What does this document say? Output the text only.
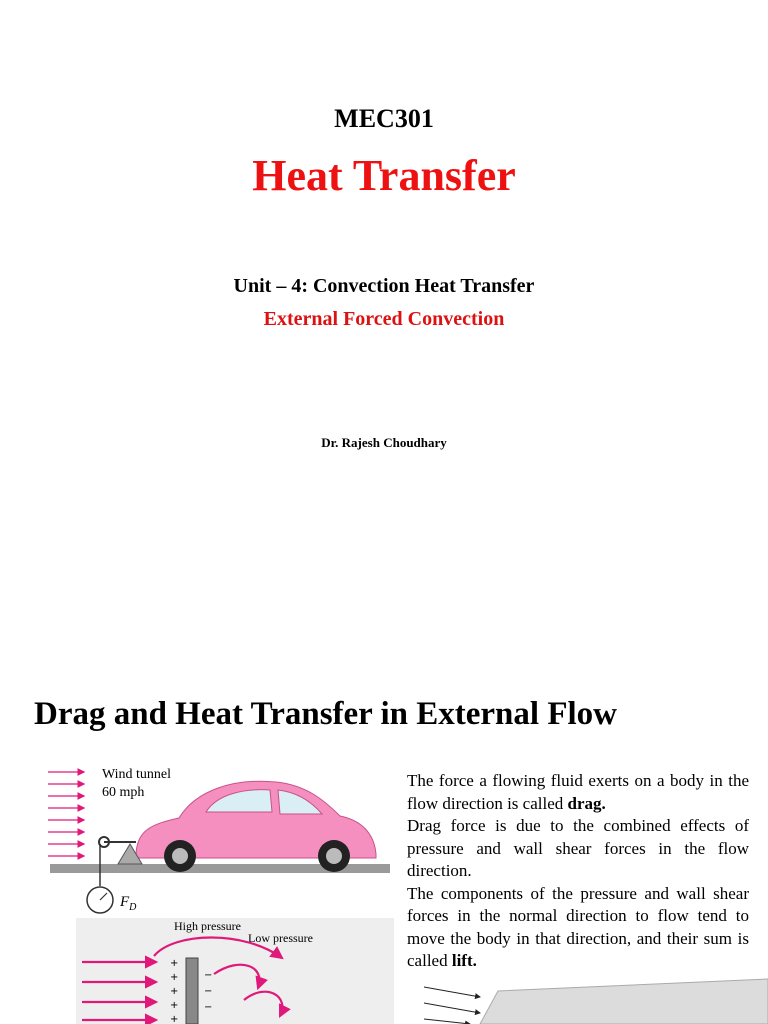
MEC301
Heat Transfer
Unit – 4: Convection Heat Transfer
External Forced Convection
Dr. Rajesh Choudhary
Drag and Heat Transfer in External Flow
Wind tunnel
60 mph
$F_D$
High pressure
Low pressure
+
+
+
+
+
−
−
−

The force a flowing fluid exerts on a body in the flow direction is called drag.

Drag force is due to the combined effects of pressure and wall shear forces in the flow direction.

The components of the pressure and wall shear forces in the normal direction to flow tend to move the body in that direction, and their sum is called lift.
